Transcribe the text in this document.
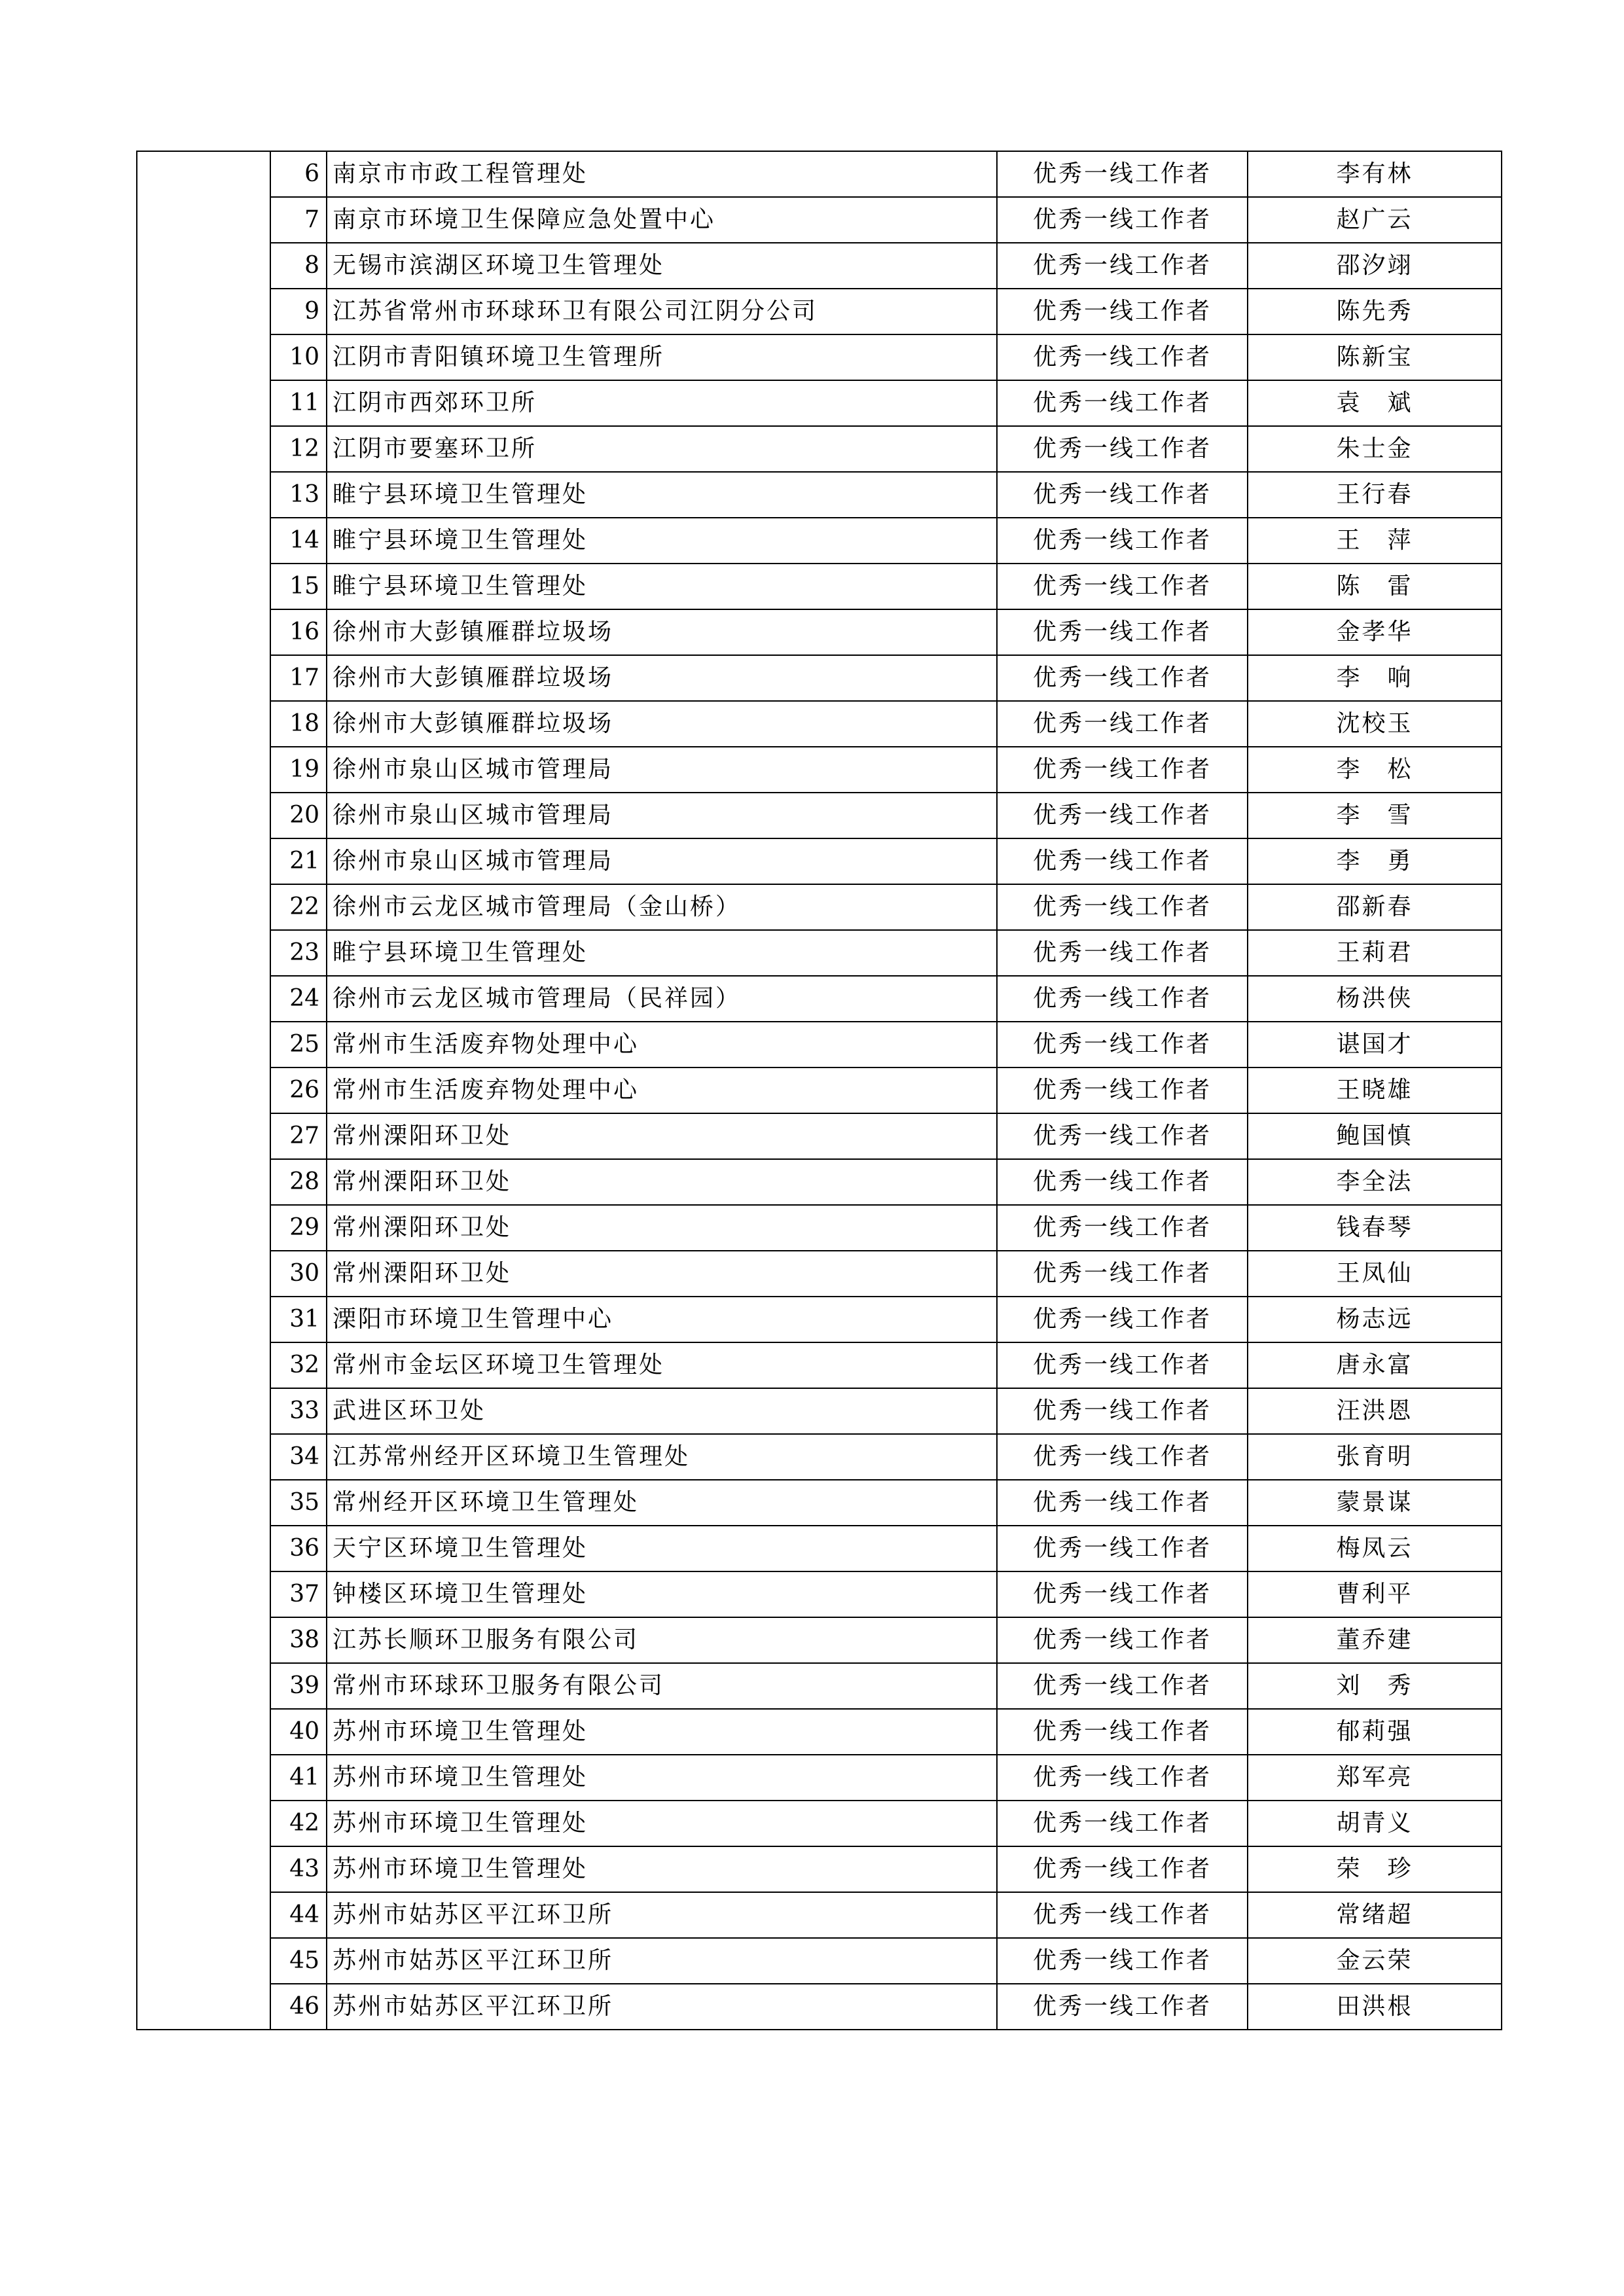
	6	南京市市政工程管理处	优秀一线工作者	李有林
	7	南京市环境卫生保障应急处置中心	优秀一线工作者	赵广云
	8	无锡市滨湖区环境卫生管理处	优秀一线工作者	邵汐翊
	9	江苏省常州市环球环卫有限公司江阴分公司	优秀一线工作者	陈先秀
	10	江阴市青阳镇环境卫生管理所	优秀一线工作者	陈新宝
	11	江阴市西郊环卫所	优秀一线工作者	袁　斌
	12	江阴市要塞环卫所	优秀一线工作者	朱士金
	13	睢宁县环境卫生管理处	优秀一线工作者	王行春
	14	睢宁县环境卫生管理处	优秀一线工作者	王　萍
	15	睢宁县环境卫生管理处	优秀一线工作者	陈　雷
	16	徐州市大彭镇雁群垃圾场	优秀一线工作者	金孝华
	17	徐州市大彭镇雁群垃圾场	优秀一线工作者	李　响
	18	徐州市大彭镇雁群垃圾场	优秀一线工作者	沈校玉
	19	徐州市泉山区城市管理局	优秀一线工作者	李　松
	20	徐州市泉山区城市管理局	优秀一线工作者	李　雪
	21	徐州市泉山区城市管理局	优秀一线工作者	李　勇
	22	徐州市云龙区城市管理局（金山桥）	优秀一线工作者	邵新春
	23	睢宁县环境卫生管理处	优秀一线工作者	王莉君
	24	徐州市云龙区城市管理局（民祥园）	优秀一线工作者	杨洪侠
	25	常州市生活废弃物处理中心	优秀一线工作者	谌国才
	26	常州市生活废弃物处理中心	优秀一线工作者	王晓雄
	27	常州溧阳环卫处	优秀一线工作者	鲍国慎
	28	常州溧阳环卫处	优秀一线工作者	李全法
	29	常州溧阳环卫处	优秀一线工作者	钱春琴
	30	常州溧阳环卫处	优秀一线工作者	王凤仙
	31	溧阳市环境卫生管理中心	优秀一线工作者	杨志远
	32	常州市金坛区环境卫生管理处	优秀一线工作者	唐永富
	33	武进区环卫处	优秀一线工作者	汪洪恩
	34	江苏常州经开区环境卫生管理处	优秀一线工作者	张育明
	35	常州经开区环境卫生管理处	优秀一线工作者	蒙景谋
	36	天宁区环境卫生管理处	优秀一线工作者	梅凤云
	37	钟楼区环境卫生管理处	优秀一线工作者	曹利平
	38	江苏长顺环卫服务有限公司	优秀一线工作者	董乔建
	39	常州市环球环卫服务有限公司	优秀一线工作者	刘　秀
	40	苏州市环境卫生管理处	优秀一线工作者	郁莉强
	41	苏州市环境卫生管理处	优秀一线工作者	郑军亮
	42	苏州市环境卫生管理处	优秀一线工作者	胡青义
	43	苏州市环境卫生管理处	优秀一线工作者	荣　珍
	44	苏州市姑苏区平江环卫所	优秀一线工作者	常绪超
	45	苏州市姑苏区平江环卫所	优秀一线工作者	金云荣
	46	苏州市姑苏区平江环卫所	优秀一线工作者	田洪根
